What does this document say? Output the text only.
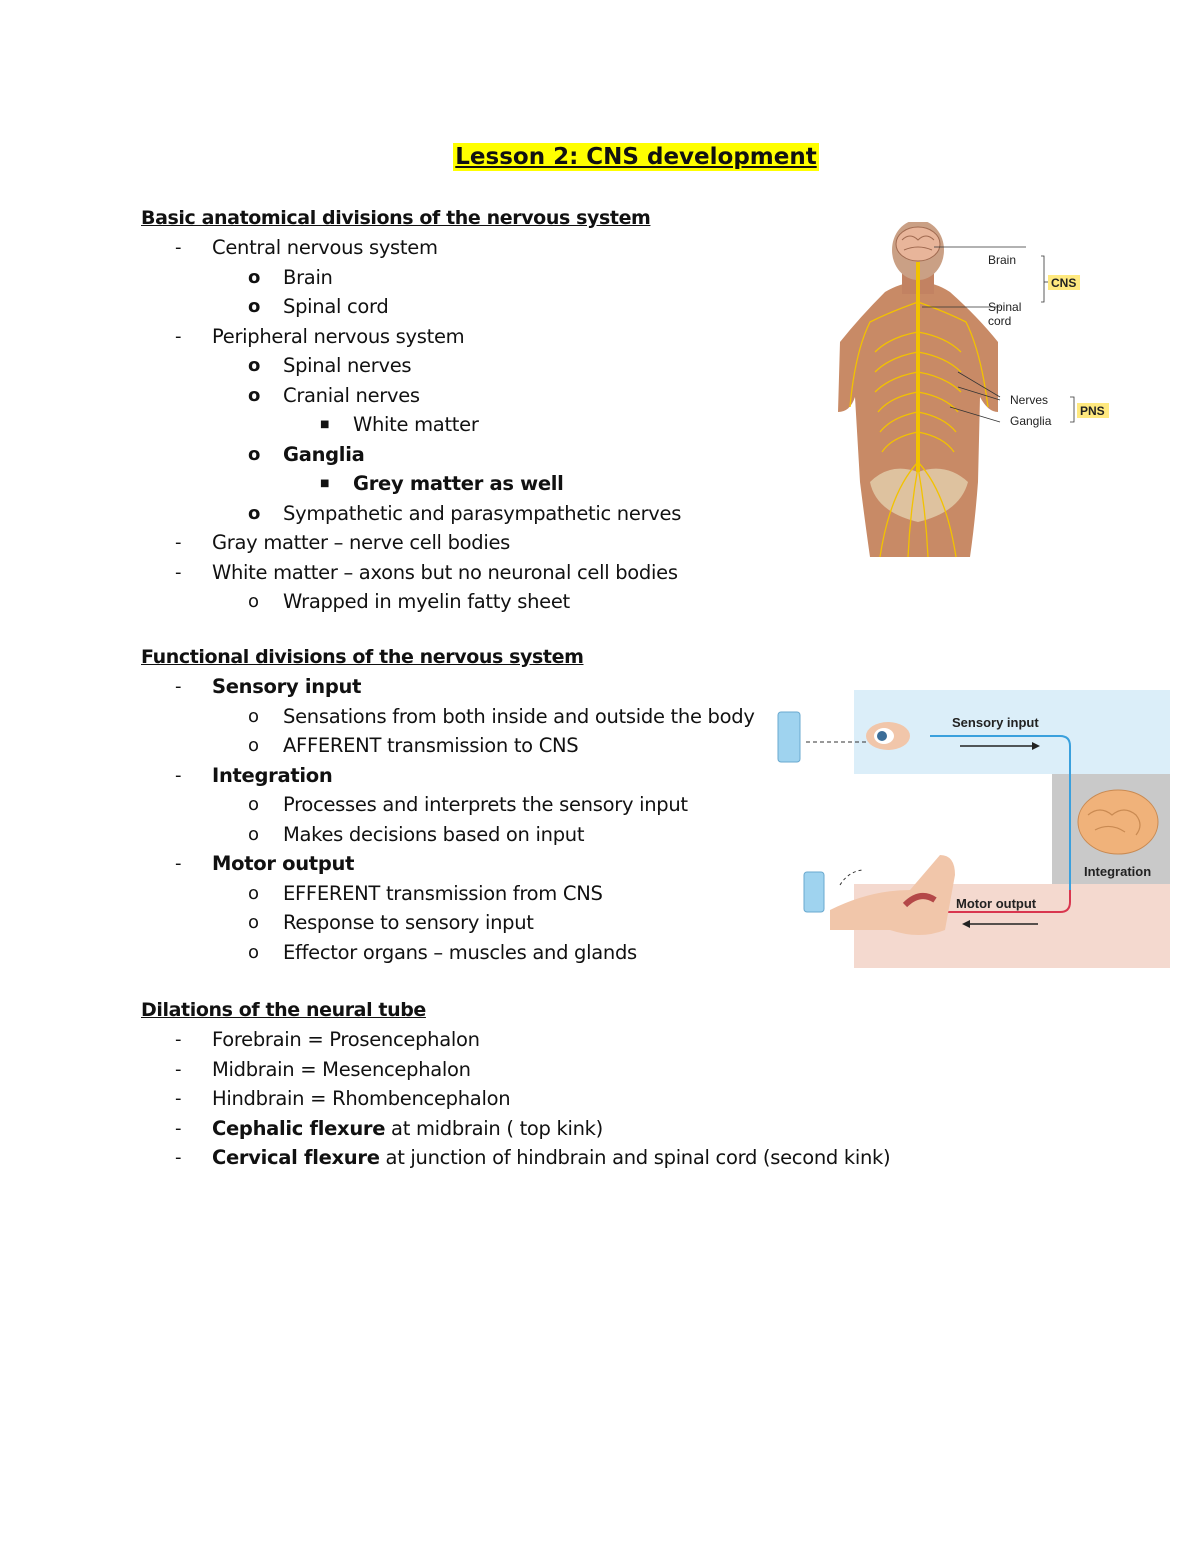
Lesson 2: CNS development
Basic anatomical divisions of the nervous system
- Central nervous system
o Brain
o Spinal cord
- Peripheral nervous system
o Spinal nerves
o Cranial nerves
■ White matter
o Ganglia
■ Grey matter as well
o Sympathetic and parasympathetic nerves
- Gray matter – nerve cell bodies
- White matter – axons but no neuronal cell bodies
o Wrapped in myelin fatty sheet
Functional divisions of the nervous system
- Sensory input
o Sensations from both inside and outside the body
o AFFERENT transmission to CNS
- Integration
o Processes and interprets the sensory input
o Makes decisions based on input
- Motor output
o EFFERENT transmission from CNS
o Response to sensory input
o Effector organs – muscles and glands
Dilations of the neural tube
- Forebrain = Prosencephalon
- Midbrain = Mesencephalon
- Hindbrain = Rhombencephalon
- Cephalic flexure at midbrain ( top kink)
- Cervical flexure at junction of hindbrain and spinal cord (second kink)
Brain
Spinal
cord
CNS
Nerves
Ganglia
PNS
Sensory input
Integration
Motor output
